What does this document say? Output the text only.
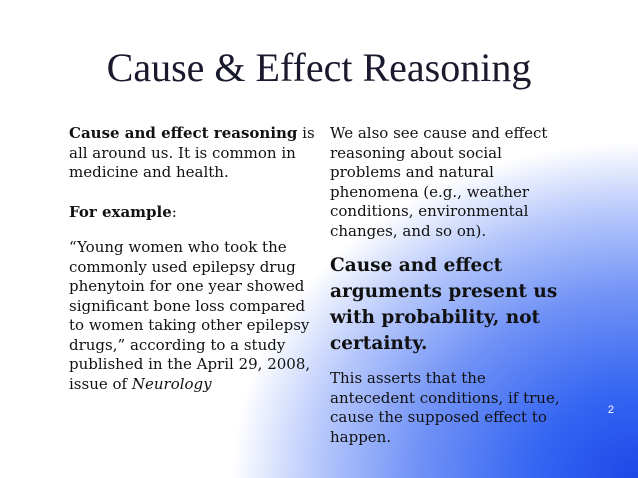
Cause & Effect Reasoning

Cause and effect reasoning is all around us. It is common in medicine and health.

For example:

“Young women who took the commonly used epilepsy drug phenytoin for one year showed significant bone loss compared to women taking other epilepsy drugs,” according to a study published in the April 29, 2008, issue of Neurology

We also see cause and effect reasoning about social problems and natural phenomena (e.g., weather conditions, environmental changes, and so on).

Cause and effect arguments present us with probability, not certainty.

This asserts that the antecedent conditions, if true, cause the supposed effect to happen.

2
